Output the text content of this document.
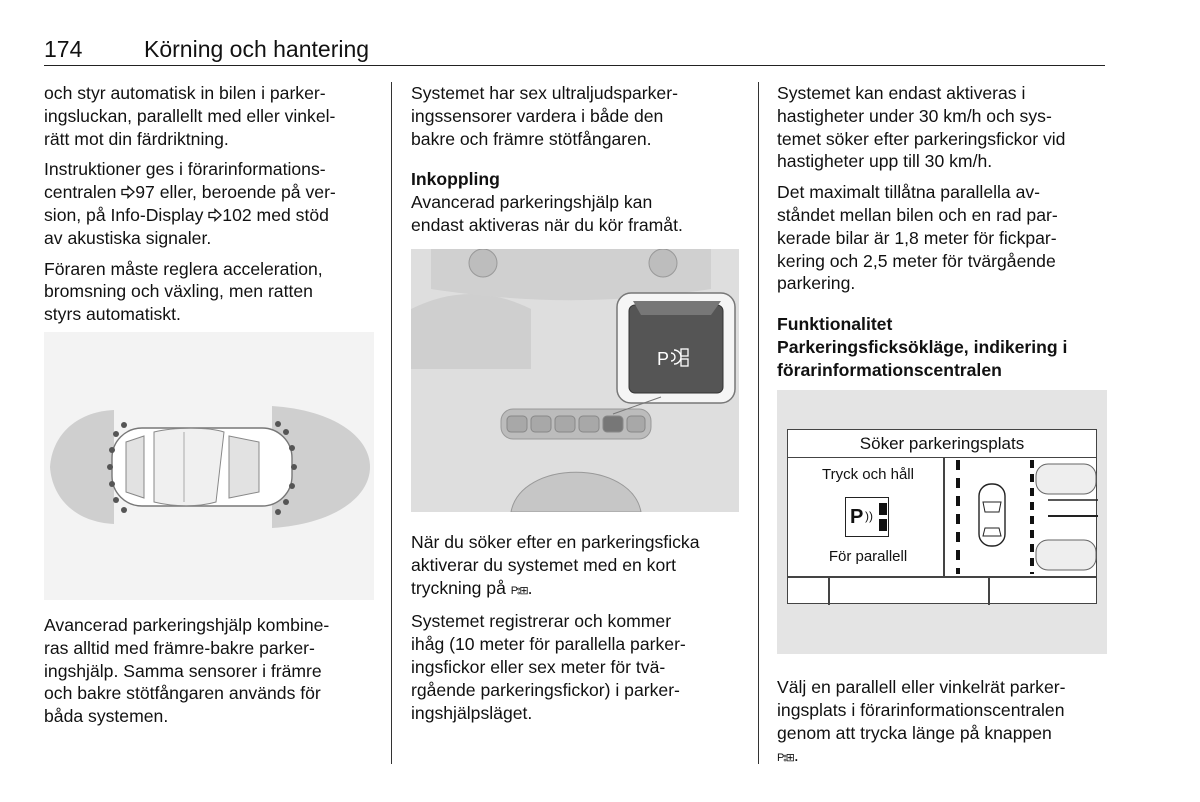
174	Körning och hantering
och styr automatisk in bilen i parker-
ingsluckan, parallellt med eller vinkel-
rätt mot din färdriktning.
Instruktioner ges i förarinformations-
centralen 97 eller, beroende på ver-
sion, på Info-Display 102 med stöd
av akustiska signaler.
Föraren måste reglera acceleration,
bromsning och växling, men ratten
styrs automatiskt.
Avancerad parkeringshjälp kombine-
ras alltid med främre-bakre parker-
ingshjälp. Samma sensorer i främre
och bakre stötfångaren används för
båda systemen.
Systemet har sex ultraljudsparker-
ingssensorer vardera i både den
bakre och främre stötfångaren.
Inkoppling
Avancerad parkeringshjälp kan
endast aktiveras när du kör framåt.
P
När du söker efter en parkeringsficka
aktiverar du systemet med en kort
tryckning på P⦂⊞.
Systemet registrerar och kommer
ihåg (10 meter för parallella parker-
ingsfickor eller sex meter för tvä-
rgående parkeringsfickor) i parker-
ingshjälpsläget.
Systemet kan endast aktiveras i
hastigheter under 30 km/h och sys-
temet söker efter parkeringsfickor vid
hastigheter upp till 30 km/h.
Det maximalt tillåtna parallella av-
ståndet mellan bilen och en rad par-
kerade bilar är 1,8 meter för fickpar-
kering och 2,5 meter för tvärgående
parkering.
Funktionalitet
Parkeringsficksökläge, indikering i
förarinformationscentralen
Söker parkeringsplats
Tryck och håll
P ))
För parallell
Välj en parallell eller vinkelrät parker-
ingsplats i förarinformationscentralen
genom att trycka länge på knappen
P⦂⊞.
